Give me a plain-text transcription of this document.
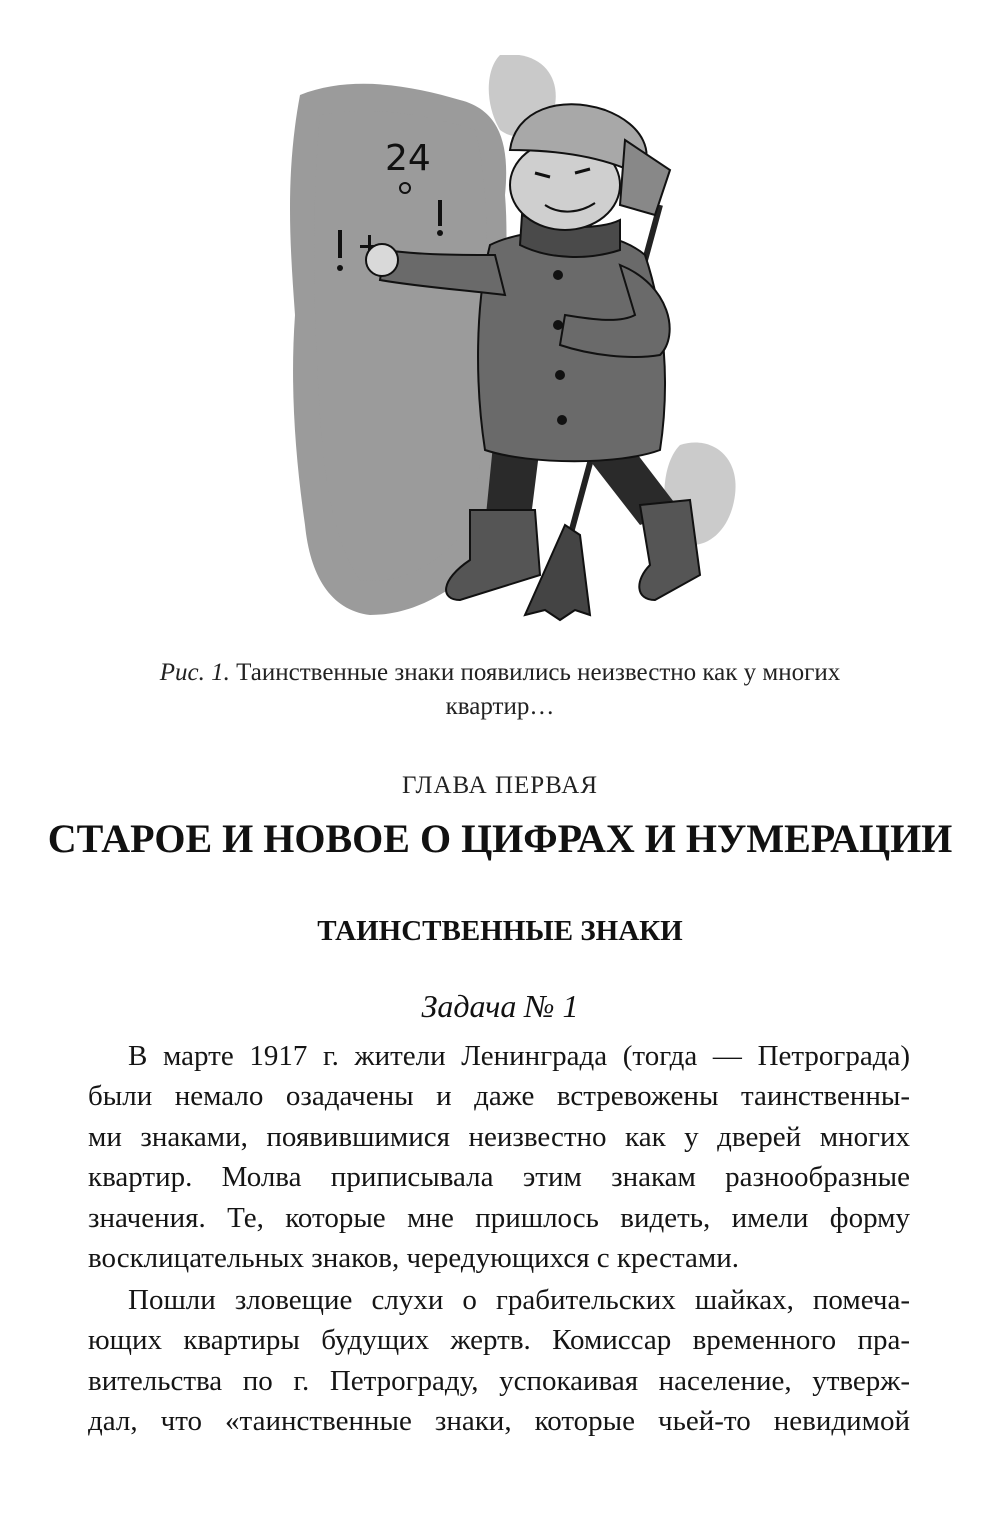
24
Рис. 1. Таинственные знаки появились неизвестно как у многих
квартир…
ГЛАВА ПЕРВАЯ
СТАРОЕ И НОВОЕ О ЦИФРАХ И НУМЕРАЦИИ
ТАИНСТВЕННЫЕ ЗНАКИ
Задача № 1
В марте 1917 г. жители Ленинграда (тогда — Петрограда)
были немало озадачены и даже встревожены таинственны-
ми знаками, появившимися неизвестно как у дверей многих
квартир. Молва приписывала этим знакам разнообразные
значения. Те, которые мне пришлось видеть, имели форму
восклицательных знаков, чередующихся с крестами.
Пошли зловещие слухи о грабительских шайках, помеча-
ющих квартиры будущих жертв. Комиссар временного пра-
вительства по г. Петрограду, успокаивая население, утверж-
дал, что «таинственные знаки, которые чьей-то невидимой
